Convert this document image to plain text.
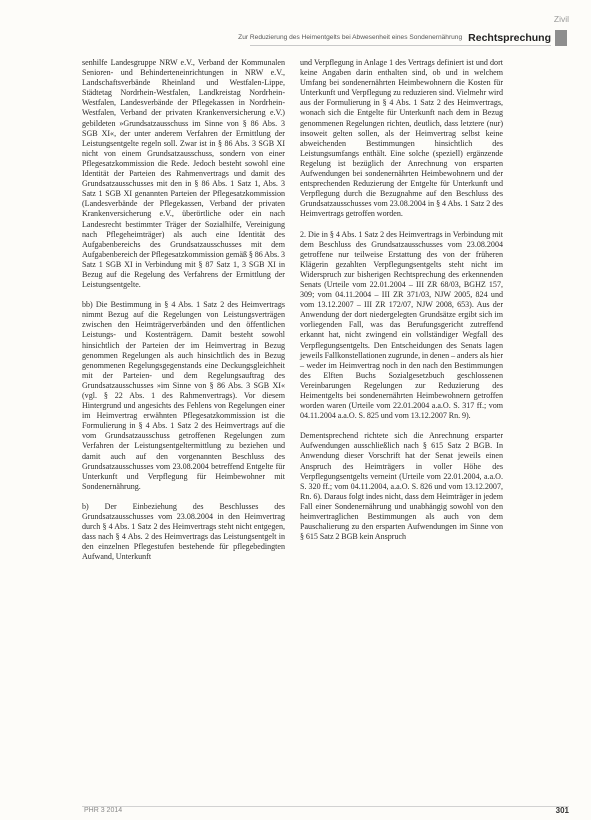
Zivil
Zur Reduzierung des Heimentgelts bei Abwesenheit eines Sondenernährung Rechtsprechung

senhilfe Landesgruppe NRW e.V., Verband der Kommunalen Senioren- und Behinderteneinrichtungen in NRW e.V., Landschaftsverbände Rheinland und Westfalen-Lippe, Städtetag Nordrhein-Westfalen, Landkreistag Nordrhein-Westfalen, Landesverbände der Pflegekassen in Nordrhein-Westfalen, Verband der privaten Krankenversicherung e.V.) gebildeten »Grundsatzausschuss im Sinne von § 86 Abs. 3 SGB XI«, der unter anderem Verfahren der Ermittlung der Leistungsentgelte regeln soll. Zwar ist in § 86 Abs. 3 SGB XI nicht von einem Grundsatzausschuss, sondern von einer Pflegesatzkommission die Rede. Jedoch besteht sowohl eine Identität der Parteien des Rahmenvertrags und damit des Grundsatzausschusses mit den in § 86 Abs. 1 Satz 1, Abs. 3 Satz 1 SGB XI genannten Parteien der Pflegesatzkommission (Landesverbände der Pflegekassen, Verband der privaten Krankenversicherung e.V., überörtliche oder ein nach Landesrecht bestimmter Träger der Sozialhilfe, Vereinigung nach Pflegeheimträger) als auch eine Identität des Aufgabenbereichs des Grundsatzausschusses mit dem Aufgabenbereich der Pflegesatzkommission gemäß § 86 Abs. 3 Satz 1 SGB XI in Verbindung mit § 87 Satz 1, 3 SGB XI in Bezug auf die Regelung des Verfahrens der Ermittlung der Leistungsentgelte.

bb) Die Bestimmung in § 4 Abs. 1 Satz 2 des Heimvertrags nimmt Bezug auf die Regelungen von Leistungsverträgen zwischen den Heimträgerverbänden und den öffentlichen Leistungs- und Kostenträgern. Damit besteht sowohl hinsichtlich der Parteien der im Heimvertrag in Bezug genommen Regelungen als auch hinsichtlich des in Bezug genommenen Regelungsgegenstands eine Deckungsgleichheit mit der Parteien- und dem Regelungsauftrag des Grundsatzausschusses »im Sinne von § 86 Abs. 3 SGB XI« (vgl. § 22 Abs. 1 des Rahmenvertrags). Vor diesem Hintergrund und angesichts des Fehlens von Regelungen einer im Heimvertrag erwähnten Pflegesatzkommission ist die Formulierung in § 4 Abs. 1 Satz 2 des Heimvertrags auf die vom Grundsatzausschuss getroffenen Regelungen zum Verfahren der Leistungsentgeltermittlung zu beziehen und damit auch auf den vorgenannten Beschluss des Grundsatzausschusses vom 23.08.2004 betreffend Entgelte für Unterkunft und Verpflegung für Heimbewohner mit Sondenernährung.

b) Der Einbeziehung des Beschlusses des Grundsatzausschusses vom 23.08.2004 in den Heimvertrag durch § 4 Abs. 1 Satz 2 des Heimvertrags steht nicht entgegen, dass nach § 4 Abs. 2 des Heimvertrags das Leistungsentgelt in den einzelnen Pflegestufen bestehende für pflegebedingten Aufwand, Unterkunft

und Verpflegung in Anlage 1 des Vertrags definiert ist und dort keine Angaben darin enthalten sind, ob und in welchem Umfang bei sondenernährten Heimbewohnern die Kosten für Unterkunft und Verpflegung zu reduzieren sind. Vielmehr wird aus der Formulierung in § 4 Abs. 1 Satz 2 des Heimvertrags, wonach sich die Entgelte für Unterkunft nach dem in Bezug genommenen Regelungen richten, deutlich, dass letztere (nur) insoweit gelten sollen, als der Heimvertrag selbst keine abweichenden Bestimmungen hinsichtlich des Leistungsumfangs enthält. Eine solche (speziell) ergänzende Regelung ist bezüglich der Anrechnung von ersparten Aufwendungen bei sondenernährten Heimbewohnern und der entsprechenden Reduzierung der Entgelte für Unterkunft und Verpflegung durch die Bezugnahme auf den Beschluss des Grundsatzausschusses vom 23.08.2004 in § 4 Abs. 1 Satz 2 des Heimvertrags getroffen worden.

2. Die in § 4 Abs. 1 Satz 2 des Heimvertrags in Verbindung mit dem Beschluss des Grundsatzausschusses vom 23.08.2004 getroffene nur teilweise Erstattung des von der früheren Klägerin gezahlten Verpflegungsentgelts steht nicht im Widerspruch zur bisherigen Rechtsprechung des erkennenden Senats (Urteile vom 22.01.2004 – III ZR 68/03, BGHZ 157, 309; vom 04.11.2004 – III ZR 371/03, NJW 2005, 824 und vom 13.12.2007 – III ZR 172/07, NJW 2008, 653). Aus der Anwendung der dort niedergelegten Grundsätze ergibt sich im vorliegenden Fall, was das Berufungsgericht zutreffend erkannt hat, nicht zwingend ein vollständiger Wegfall des Verpflegungsentgelts. Den Entscheidungen des Senats lagen jeweils Fallkonstellationen zugrunde, in denen – anders als hier – weder im Heimvertrag noch in den nach den Bestimmungen des Elften Buchs Sozialgesetzbuch geschlossenen Vereinbarungen Regelungen zur Reduzierung des Heimentgelts bei sondenernährten Heimbewohnern getroffen worden waren (Urteile vom 22.01.2004 a.a.O. S. 317 ff.; vom 04.11.2004 a.a.O. S. 825 und vom 13.12.2007 Rn. 9).

Dementsprechend richtete sich die Anrechnung ersparter Aufwendungen ausschließlich nach § 615 Satz 2 BGB. In Anwendung dieser Vorschrift hat der Senat jeweils einen Anspruch des Heimträgers in voller Höhe des Verpflegungsentgelts verneint (Urteile vom 22.01.2004, a.a.O. S. 320 ff.; vom 04.11.2004, a.a.O. S. 826 und vom 13.12.2007, Rn. 6). Daraus folgt indes nicht, dass dem Heimträger in jedem Fall einer Sondenernährung und unabhängig sowohl von den heimvertraglichen Bestimmungen als auch von dem Pauschalierung zu den ersparten Aufwendungen im Sinne von § 615 Satz 2 BGB kein Anspruch

PHR 3 2014	301
